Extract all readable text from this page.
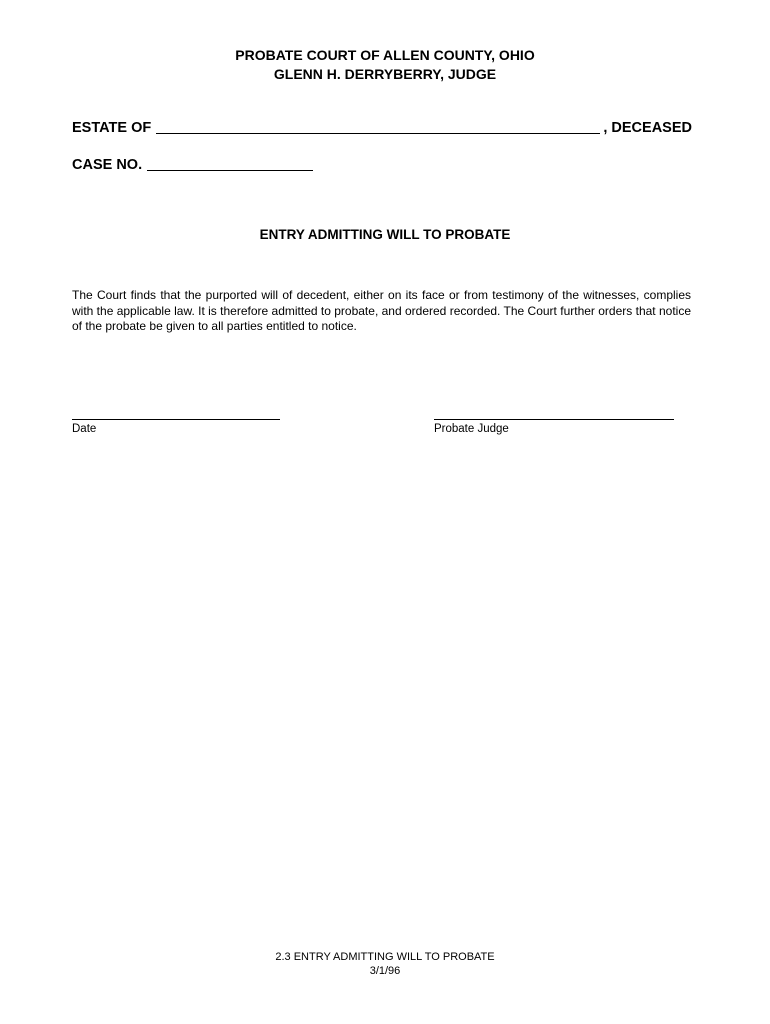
PROBATE COURT OF ALLEN COUNTY, OHIO
GLENN H. DERRYBERRY, JUDGE
ESTATE OF	, DECEASED
CASE NO.
ENTRY ADMITTING WILL TO PROBATE

The Court finds that the purported will of decedent, either on its face or from testimony of the witnesses, complies with the applicable law. It is therefore admitted to probate, and ordered recorded. The Court further orders that notice of the probate be given to all parties entitled to notice.

Date	Probate Judge
2.3 ENTRY ADMITTING WILL TO PROBATE
3/1/96
